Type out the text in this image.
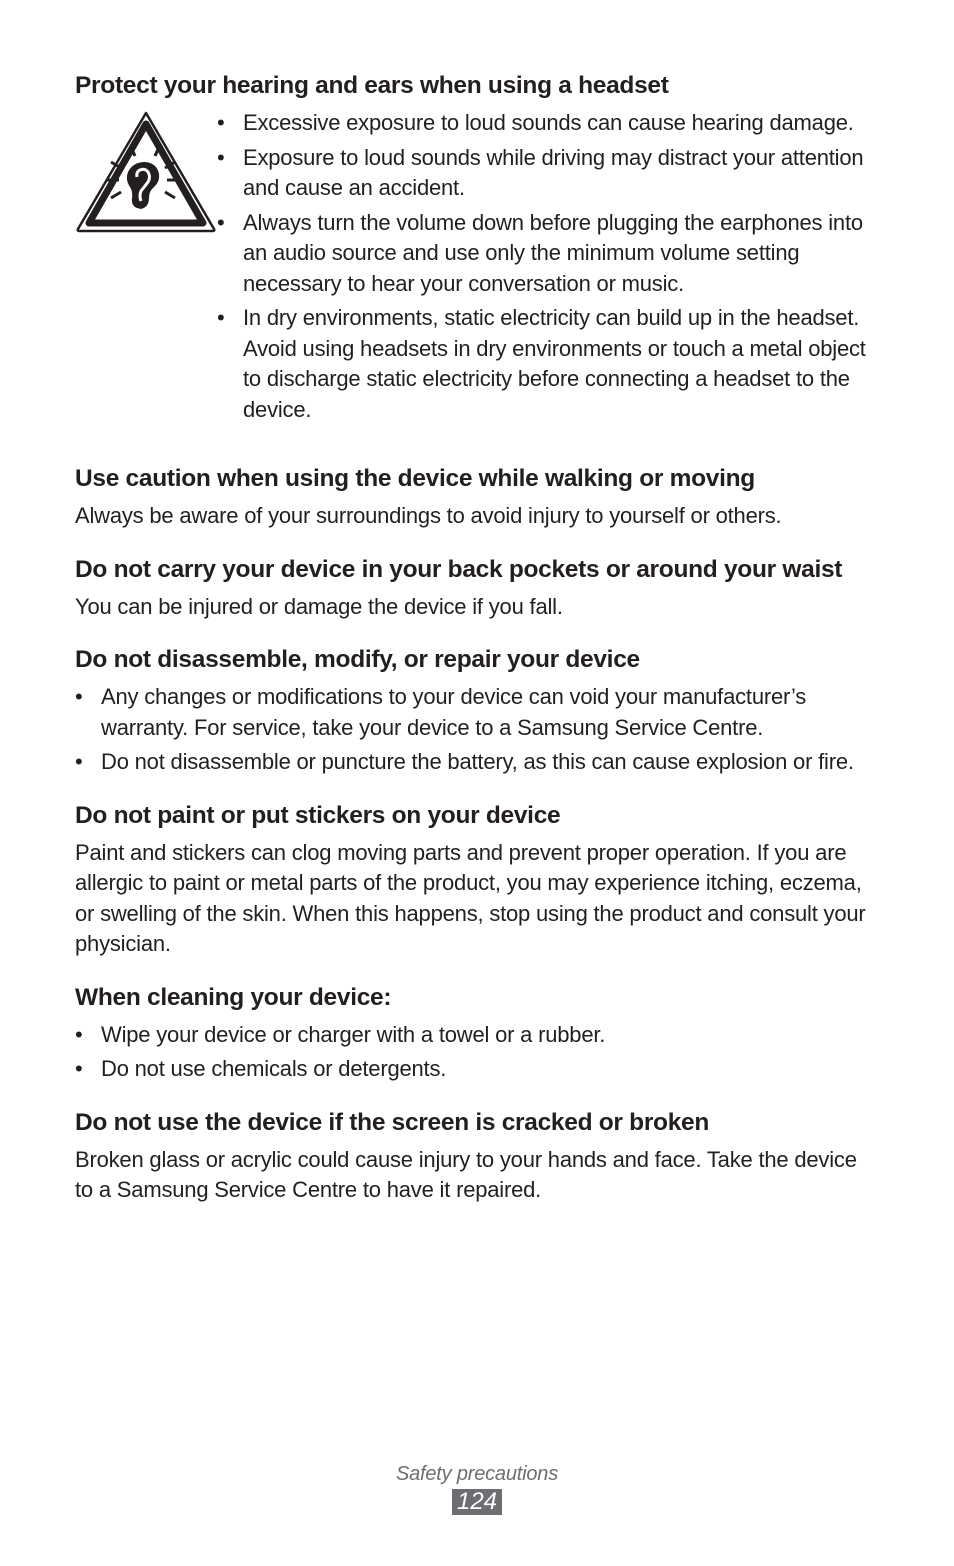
Protect your hearing and ears when using a headset
• Excessive exposure to loud sounds can cause hearing damage.
• Exposure to loud sounds while driving may distract your attention and cause an accident.
• Always turn the volume down before plugging the earphones into an audio source and use only the minimum volume setting necessary to hear your conversation or music.
• In dry environments, static electricity can build up in the headset. Avoid using headsets in dry environments or touch a metal object to discharge static electricity before connecting a headset to the device.
Use caution when using the device while walking or moving

Always be aware of your surroundings to avoid injury to yourself or others.

Do not carry your device in your back pockets or around your waist

You can be injured or damage the device if you fall.

Do not disassemble, modify, or repair your device
• Any changes or modifications to your device can void your manufacturer’s warranty. For service, take your device to a Samsung Service Centre.
• Do not disassemble or puncture the battery, as this can cause explosion or fire.
Do not paint or put stickers on your device

Paint and stickers can clog moving parts and prevent proper operation. If you are allergic to paint or metal parts of the product, you may experience itching, eczema, or swelling of the skin. When this happens, stop using the product and consult your physician.

When cleaning your device:
• Wipe your device or charger with a towel or a rubber.
• Do not use chemicals or detergents.
Do not use the device if the screen is cracked or broken

Broken glass or acrylic could cause injury to your hands and face. Take the device to a Samsung Service Centre to have it repaired.

Safety precautions
124
